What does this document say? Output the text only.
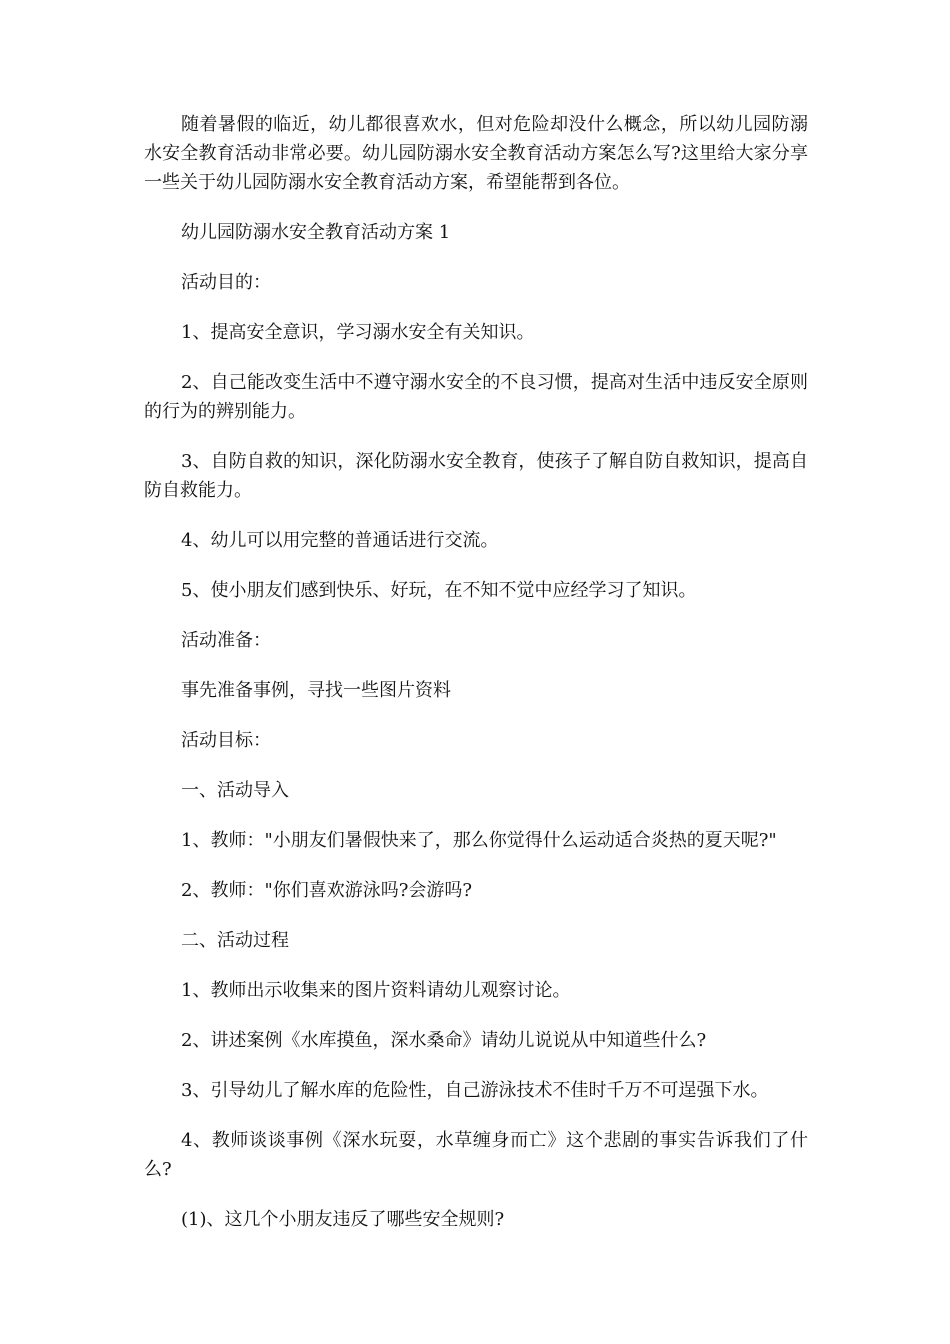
随着暑假的临近，幼儿都很喜欢水，但对危险却没什么概念，所以幼儿园防溺水安全教育活动非常必要。幼儿园防溺水安全教育活动方案怎么写?这里给大家分享一些关于幼儿园防溺水安全教育活动方案，希望能帮到各位。

幼儿园防溺水安全教育活动方案 1

活动目的：

1、提高安全意识，学习溺水安全有关知识。

2、自己能改变生活中不遵守溺水安全的不良习惯，提高对生活中违反安全原则的行为的辨别能力。

3、自防自救的知识，深化防溺水安全教育，使孩子了解自防自救知识，提高自防自救能力。

4、幼儿可以用完整的普通话进行交流。

5、使小朋友们感到快乐、好玩，在不知不觉中应经学习了知识。

活动准备：

事先准备事例，寻找一些图片资料

活动目标：

一、活动导入

1、教师："小朋友们暑假快来了，那么你觉得什么运动适合炎热的夏天呢?"

2、教师："你们喜欢游泳吗?会游吗?

二、活动过程

1、教师出示收集来的图片资料请幼儿观察讨论。

2、讲述案例《水库摸鱼，深水桑命》请幼儿说说从中知道些什么?

3、引导幼儿了解水库的危险性，自己游泳技术不佳时千万不可逞强下水。

4、教师谈谈事例《深水玩耍，水草缠身而亡》这个悲剧的事实告诉我们了什么?

(1)、这几个小朋友违反了哪些安全规则?
